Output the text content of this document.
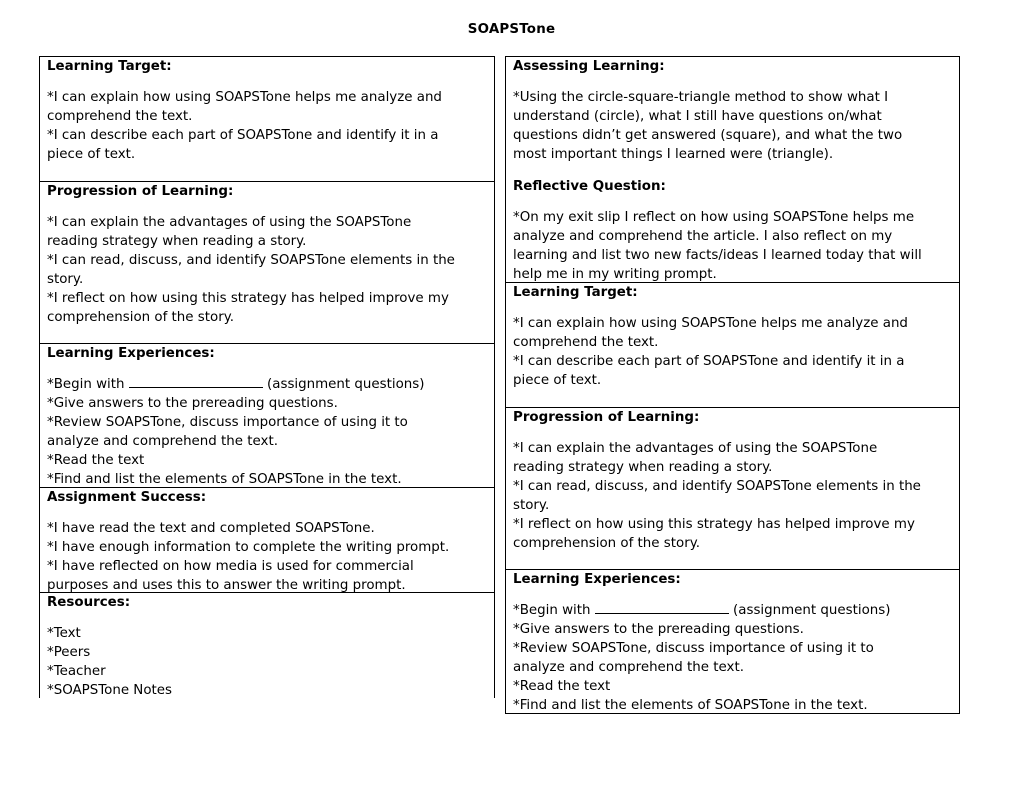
SOAPSTone
Learning Target:
*I can explain how using SOAPSTone helps me analyze and
comprehend the text.
*I can describe each part of SOAPSTone and identify it in a
piece of text.
Progression of Learning:
*I can explain the advantages of using the SOAPSTone
reading strategy when reading a story.
*I can read, discuss, and identify SOAPSTone elements in the
story.
*I reflect on how using this strategy has helped improve my
comprehension of the story.
Learning Experiences:
*Begin with	(assignment questions)
*Give answers to the prereading questions.
*Review SOAPSTone, discuss importance of using it to
analyze and comprehend the text.
*Read the text
*Find and list the elements of SOAPSTone in the text.
Assignment Success:
*I have read the text and completed SOAPSTone.
*I have enough information to complete the writing prompt.
*I have reflected on how media is used for commercial
purposes and uses this to answer the writing prompt.
Resources:
*Text
*Peers
*Teacher
*SOAPSTone Notes
Assessing Learning:
*Using the circle-square-triangle method to show what I
understand (circle), what I still have questions on/what
questions didn’t get answered (square), and what the two
most important things I learned were (triangle).
Reflective Question:
*On my exit slip I reflect on how using SOAPSTone helps me
analyze and comprehend the article. I also reflect on my
learning and list two new facts/ideas I learned today that will
help me in my writing prompt.
Learning Target:
*I can explain how using SOAPSTone helps me analyze and
comprehend the text.
*I can describe each part of SOAPSTone and identify it in a
piece of text.
Progression of Learning:
*I can explain the advantages of using the SOAPSTone
reading strategy when reading a story.
*I can read, discuss, and identify SOAPSTone elements in the
story.
*I reflect on how using this strategy has helped improve my
comprehension of the story.
Learning Experiences:
*Begin with	(assignment questions)
*Give answers to the prereading questions.
*Review SOAPSTone, discuss importance of using it to
analyze and comprehend the text.
*Read the text
*Find and list the elements of SOAPSTone in the text.
